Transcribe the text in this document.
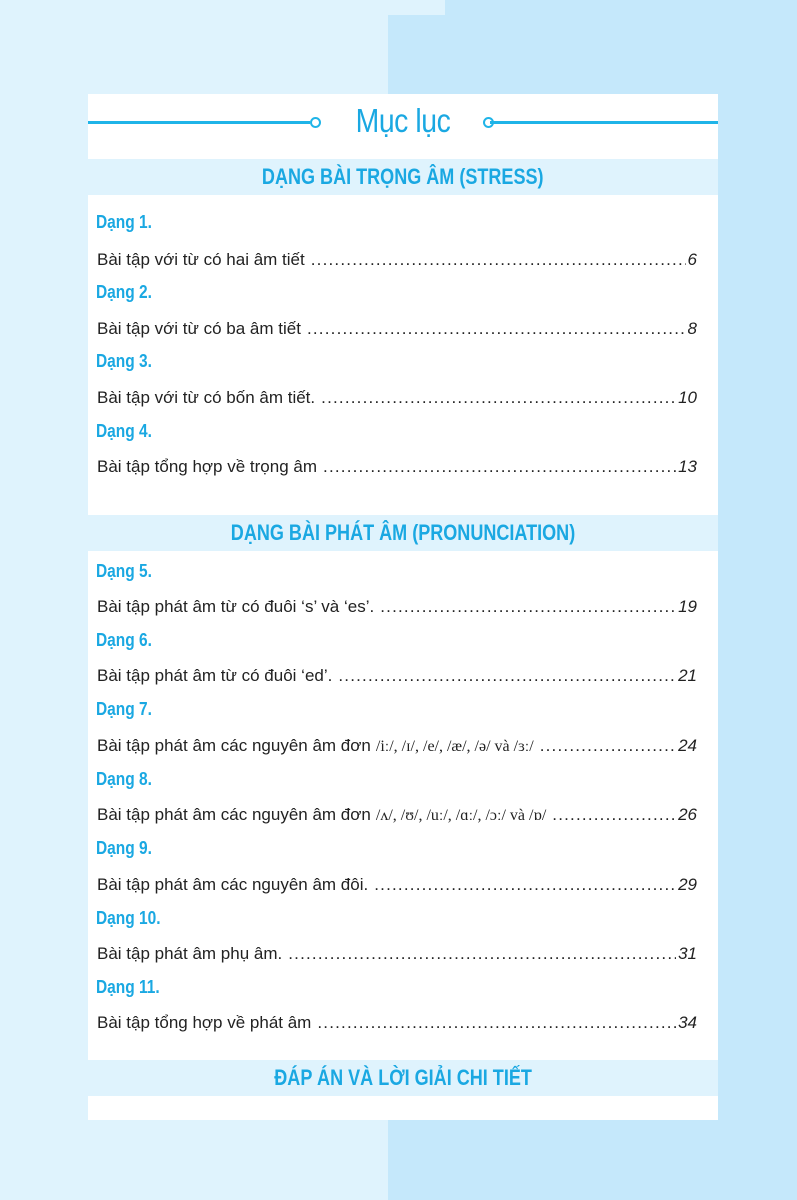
Mục lục
DẠNG BÀI TRỌNG ÂM (STRESS)
Dạng 1.
Bài tập với từ có hai âm tiết .....	6
Dạng 2.
Bài tập với từ có ba âm tiết .....	8
Dạng 3.
Bài tập với từ có bốn âm tiết. .....	10
Dạng 4.
Bài tập tổng hợp về trọng âm .....	13
DẠNG BÀI PHÁT ÂM (PRONUNCIATION)
Dạng 5.
Bài tập phát âm từ có đuôi ‘s’ và ‘es’. .....	19
Dạng 6.
Bài tập phát âm từ có đuôi ‘ed’. .....	21
Dạng 7.
Bài tập phát âm các nguyên âm đơn /iː/, /ɪ/, /e/, /æ/, /ə/ và /ɜː/ .....	24
Dạng 8.
Bài tập phát âm các nguyên âm đơn /ʌ/, /ʊ/, /uː/, /ɑː/, /ɔː/ và /ɒ/ .....	26
Dạng 9.
Bài tập phát âm các nguyên âm đôi. .....	29
Dạng 10.
Bài tập phát âm phụ âm. .....	31
Dạng 11.
Bài tập tổng hợp về phát âm .....	34
ĐÁP ÁN VÀ LỜI GIẢI CHI TIẾT
